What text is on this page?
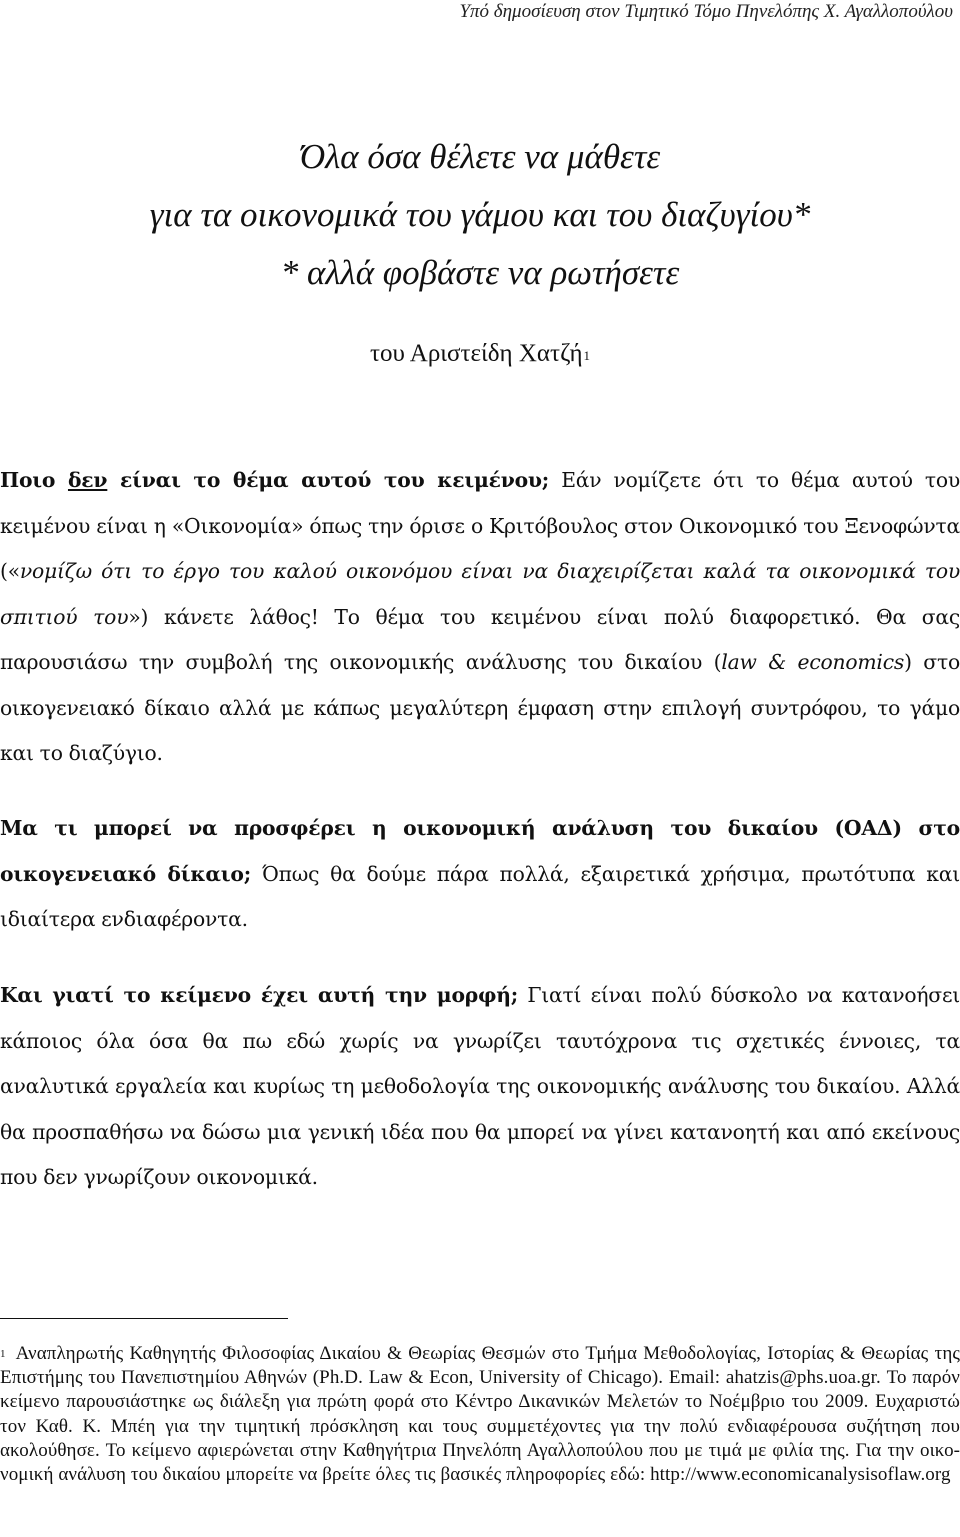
Υπό δημοσίευση στον Τιμητικό Τόμο Πηνελόπης Χ. Αγαλλοπούλου
Όλα όσα θέλετε να μάθετε
για τα οικονομικά του γάμου και του διαζυγίου*
* αλλά φοβάστε να ρωτήσετε
του Αριστείδη Χατζή$^1$

Ποιο δεν είναι το θέμα αυτού του κειμένου; Εάν νομίζετε ότι το θέμα αυτού του κειμένου είναι η «Οικονομία» όπως την όρισε ο Κριτόβουλος στον Οικονομικό του Ξενοφώντα («νομίζω ότι το έργο του καλού οικονόμου είναι να διαχειρίζεται καλά τα οικονομικά του σπιτιού του») κάνετε λάθος! Το θέμα του κειμένου είναι πολύ διαφορετικό. Θα σας παρουσιάσω την συμβολή της οικονομικής ανάλυσης του δικαίου (law & economics) στο οικογενειακό δίκαιο αλλά με κάπως μεγαλύτερη έμφαση στην επιλογή συντρόφου, το γάμο και το διαζύγιο.

Μα τι μπορεί να προσφέρει η οικονομική ανάλυση του δικαίου (ΟΑΔ) στο οικογενειακό δίκαιο; Όπως θα δούμε πάρα πολλά, εξαιρετικά χρήσιμα, πρωτότυπα και ιδιαίτερα ενδιαφέροντα.

Και γιατί το κείμενο έχει αυτή την μορφή; Γιατί είναι πολύ δύσκολο να κατανοήσει κάποιος όλα όσα θα πω εδώ χωρίς να γνωρίζει ταυτόχρονα τις σχετικές έννοιες, τα αναλυτικά εργαλεία και κυρίως τη μεθοδολογία της οικονομικής ανάλυσης του δικαίου. Αλλά θα προσπαθήσω να δώσω μια γενική ιδέα που θα μπορεί να γίνει κατανοητή και από εκείνους που δεν γνωρίζουν οικονομικά.

$^1$ Αναπληρωτής Καθηγητής Φιλοσοφίας Δικαίου & Θεωρίας Θεσμών στο Τμήμα Μεθοδολογίας, Ιστορίας & Θεωρίας της Επιστήμης του Πανεπιστημίου Αθηνών (Ph.D. Law & Econ, University of Chicago). Email: ahatzis@phs.uoa.gr. Το παρόν κείμενο παρουσιάστηκε ως διάλεξη για πρώτη φορά στο Κέντρο Δικανικών Μελετών το Νοέμβριο του 2009. Ευχαριστώ τον Καθ. Κ. Μπέη για την τιμητική πρόσκληση και τους συμμετέχοντες για την πολύ ενδιαφέρουσα συζήτηση που ακολούθησε. Το κείμενο αφιερώνεται στην Καθηγήτρια Πηνελόπη Αγαλλοπούλου που με τιμά με φιλία της. Για την οικονομική ανάλυση του δικαίου μπορείτε να βρείτε όλες τις βασικές πληροφορίες εδώ: http://www.economicanalysisoflaw.org
